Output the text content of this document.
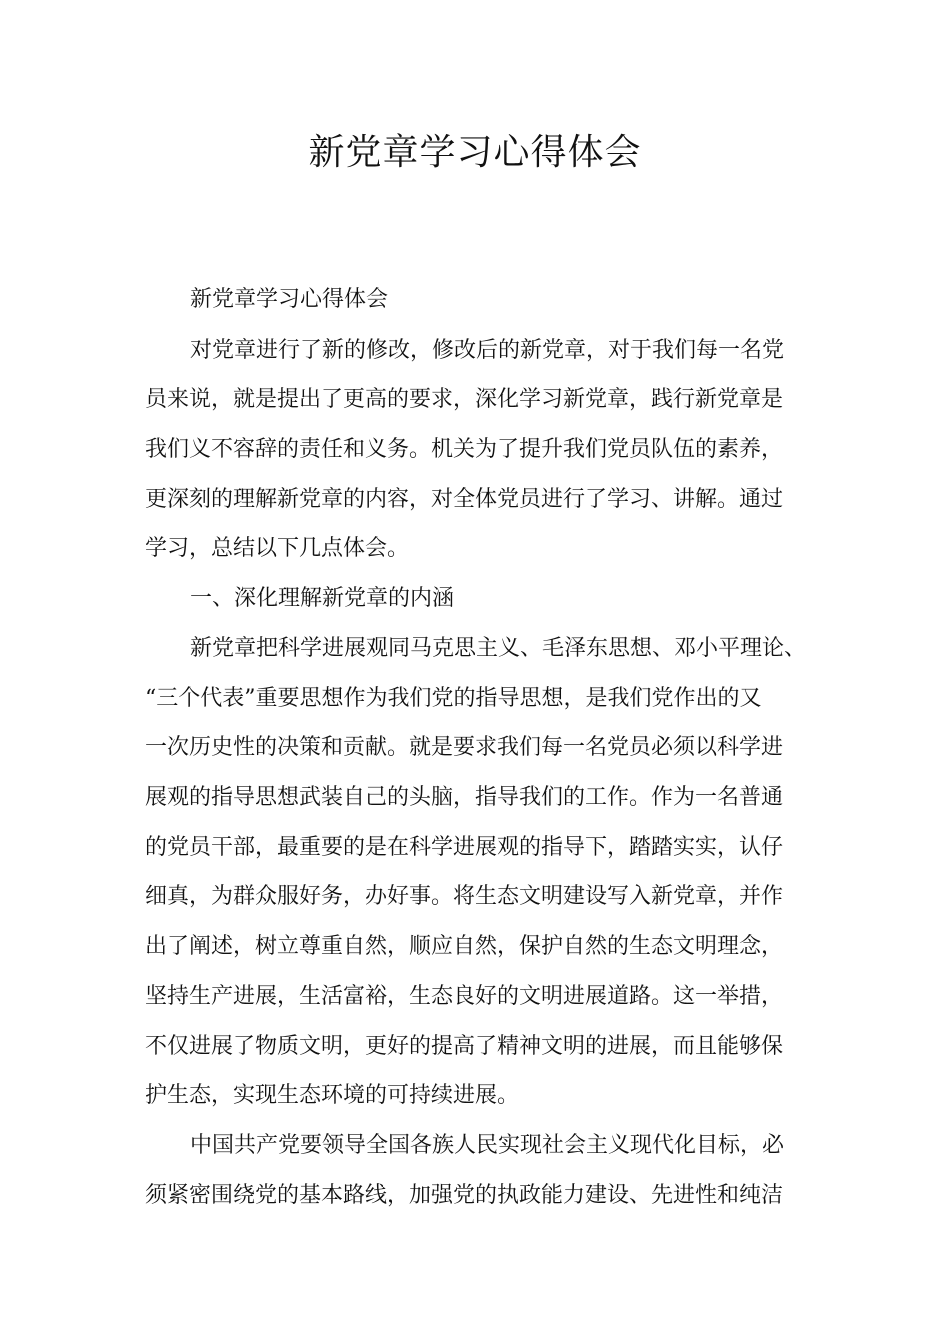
新党章学习心得体会

新党章学习心得体会

对党章进行了新的修改，修改后的新党章，对于我们每一名党

员来说，就是提出了更高的要求，深化学习新党章，践行新党章是

我们义不容辞的责任和义务。机关为了提升我们党员队伍的素养，

更深刻的理解新党章的内容，对全体党员进行了学习、讲解。通过

学习，总结以下几点体会。

一、深化理解新党章的内涵

新党章把科学进展观同马克思主义、毛泽东思想、邓小平理论、

“三个代表”重要思想作为我们党的指导思想，是我们党作出的又

一次历史性的决策和贡献。就是要求我们每一名党员必须以科学进

展观的指导思想武装自己的头脑，指导我们的工作。作为一名普通

的党员干部，最重要的是在科学进展观的指导下，踏踏实实，认仔

细真，为群众服好务，办好事。将生态文明建设写入新党章，并作

出了阐述，树立尊重自然，顺应自然，保护自然的生态文明理念，

坚持生产进展，生活富裕，生态良好的文明进展道路。这一举措，

不仅进展了物质文明，更好的提高了精神文明的进展，而且能够保

护生态，实现生态环境的可持续进展。

中国共产党要领导全国各族人民实现社会主义现代化目标，必

须紧密围绕党的基本路线，加强党的执政能力建设、先进性和纯洁
